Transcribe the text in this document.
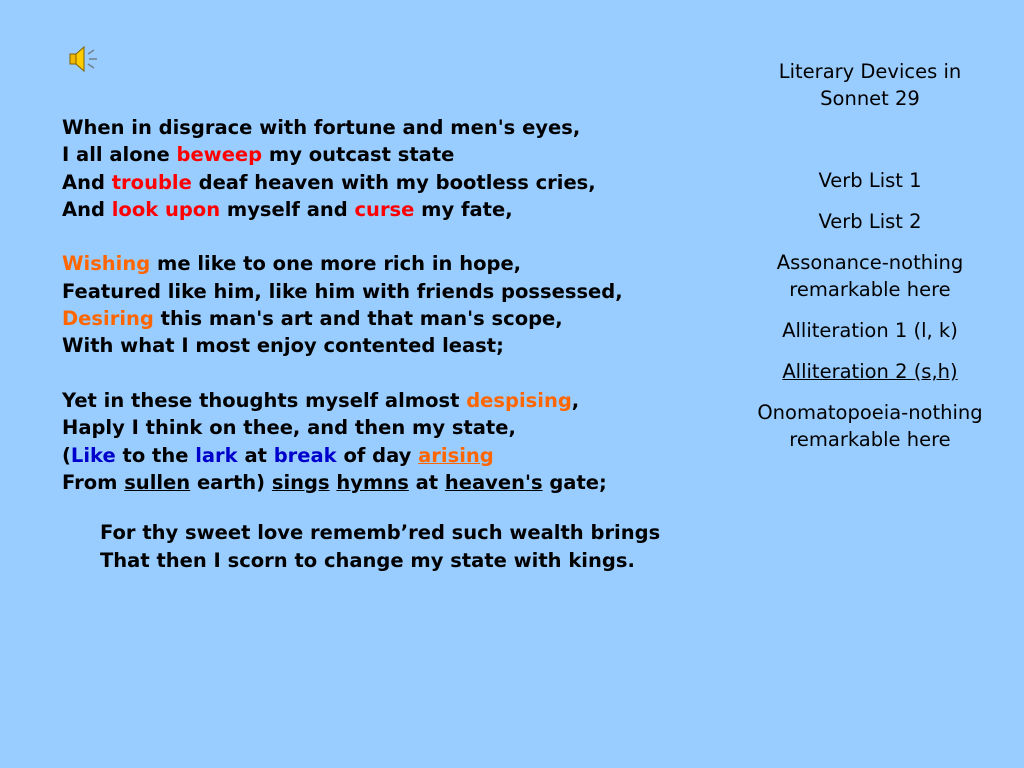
When in disgrace with fortune and men's eyes,
I all alone beweep my outcast state
And trouble deaf heaven with my bootless cries,
And look upon myself and curse my fate,
Wishing me like to one more rich in hope,
Featured like him, like him with friends possessed,
Desiring this man's art and that man's scope,
With what I most enjoy contented least;
Yet in these thoughts myself almost despising,
Haply I think on thee, and then my state,
(Like to the lark at break of day arising
From sullen earth) sings hymns at heaven's gate;
For thy sweet love rememb’red such wealth brings
That then I scorn to change my state with kings.
Literary Devices in Sonnet 29
Verb List 1
Verb List 2
Assonance-nothing remarkable here
Alliteration 1 (l, k)
Alliteration 2 (s,h)
Onomatopoeia-nothing remarkable here
